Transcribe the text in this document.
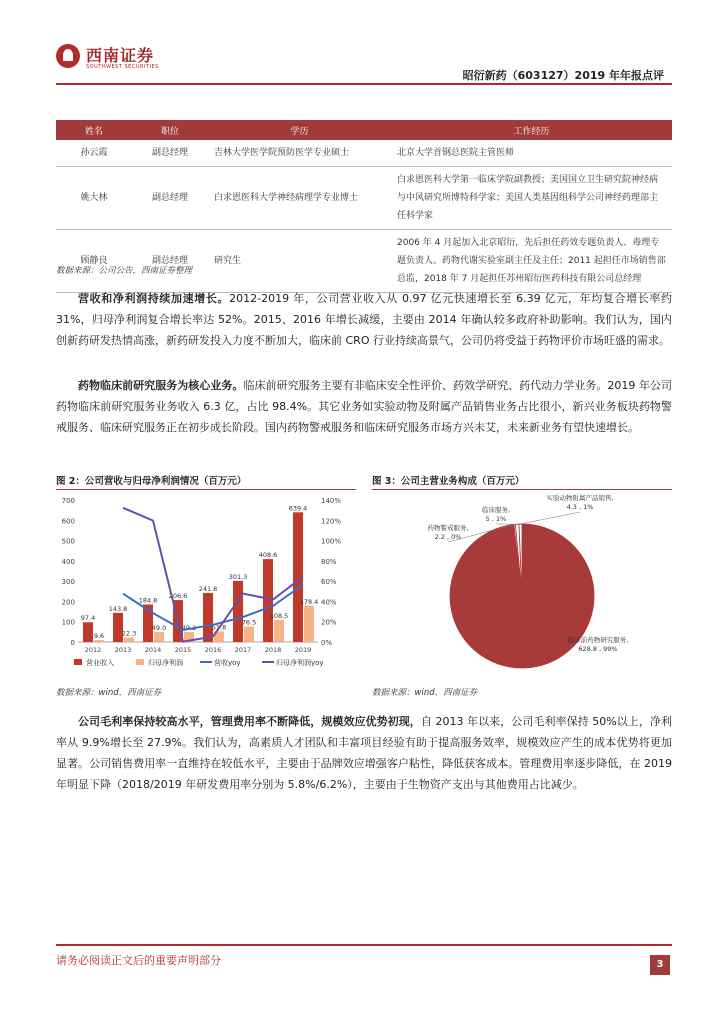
西南证券
SOUTHWEST SECURITIES
昭衍新药（603127）2019 年年报点评
姓名	职位	学历	工作经历
孙云霞	副总经理	吉林大学医学院预防医学专业硕士	北京大学首钢总医院主管医师
姚大林	副总经理	白求恩医科大学神经病理学专业博士	白求恩医科大学第一临床学院副教授；美国国立卫生研究院神经病与中风研究所博特科学家；美国人类基因组科学公司神经药理部主任科学家
顾静良	副总经理	研究生	2006 年 4 月起加入北京昭衍，先后担任药效专题负责人、毒理专题负责人、药物代谢实验室副主任及主任；2011 起担任市场销售部总监，2018 年 7 月起担任苏州昭衍医药科技有限公司总经理
数据来源：公司公告，西南证券整理
营收和净利润持续加速增长。2012-2019 年，公司营业收入从 0.97 亿元快速增长至 6.39 亿元，年均复合增长率约 31%，归母净利润复合增长率达 52%。2015、2016 年增长减缓，主要由 2014 年确认较多政府补助影响。我们认为，国内创新药研发热情高涨，新药研发投入力度不断加大，临床前 CRO 行业持续高景气，公司仍将受益于药物评价市场旺盛的需求。
药物临床前研究服务为核心业务。临床前研究服务主要有非临床安全性评价、药效学研究、药代动力学业务。2019 年公司药物临床前研究服务业务收入 6.3 亿，占比 98.4%。其它业务如实验动物及附属产品销售业务占比很小，新兴业务板块药物警戒服务、临床研究服务正在初步成长阶段。国内药物警戒服务和临床研究服务市场方兴未艾，未来新业务有望快速增长。
图 2：公司营收与归母净利润情况（百万元）
0
100
200
300
400
500
600
700
0%
20%
40%
60%
80%
100%
120%
140%
97.4
9.6
2012
143.8
22.3
2013
184.8
49.0
2014
206.6
49.2
2015
241.8
51.8
2016
301.3
76.5
2017
408.6
108.5
2018
639.4
178.4
2019
营业收入	归母净利润	营收yoy	归母净利润yoy
数据来源：wind，西南证券
图 3：公司主营业务构成（百万元）
临床前药物研究服务, 628.8 , 99%
药物警戒服务, 2.2 , 0%
临床服务, 5 , 1%
实验动物附属产品销售, 4.3 , 1%
数据来源：wind，西南证券
公司毛利率保持较高水平，管理费用率不断降低，规模效应优势初现，自 2013 年以来，公司毛利率保持 50%以上，净利率从 9.9%增长至 27.9%。我们认为，高素质人才团队和丰富项目经验有助于提高服务效率，规模效应产生的成本优势将更加显著。公司销售费用率一直维持在较低水平，主要由于品牌效应增强客户粘性，降低获客成本。管理费用率逐步降低，在 2019 年明显下降（2018/2019 年研发费用率分别为 5.8%/6.2%），主要由于生物资产支出与其他费用占比减少。
请务必阅读正文后的重要声明部分	3
